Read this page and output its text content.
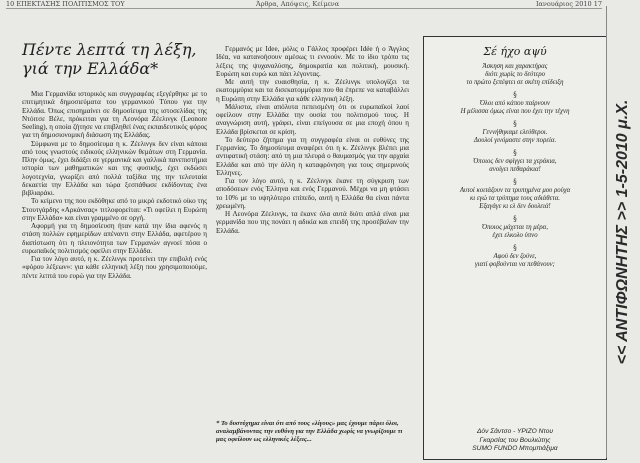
10 ΕΠΕΚΤΑΣΗΣ ΠΟΛΙΤΙΣΜΟΣ ΤΟΥ	Άρθρα, Απόψεις, Κείμενα	Ιανουάριος 2010 17
Πέντε λεπτά τη λέξη,
γιά την Ελλάδα*

Μια Γερμανίδα ιστορικός και συγγραφέας εξεγέρθηκε με το επιτιμητικά δημοσιεύματα του γερμανικού Τύπου για την Ελλάδα. Όπως επισημαίνει σε δημοσίευμα της ιστοσελίδας της Ντόιτσε Βέλε, πρόκειται για τη Λεονόρα Ζέελινγκ (Leonore Seeling), η οποία ζήτησε να επιβληθεί ένας εκπαιδευτικός φόρος για τη δημοσιονομική διάσωση της Ελλάδας.

Σύμφωνα με το δημοσίευμα η κ. Ζέελινγκ δεν είναι κάποια από τους γνωστούς ειδικούς ελληνικών θεμάτων στη Γερμανία. Πλην όμως, έχει διδάξει σε γερμανικά και γαλλικά πανεπιστήμια ιστορία των μαθηματικών και της φυσικής, έχει εκδώσει λογοτεχνία, γνωρίζει από πολλά ταξίδια της την τελευταία δεκαετία την Ελλάδα και τώρα ξεσπάθωσε εκδίδοντας ένα βιβλιαράκι.

Το κείμενο της που εκδόθηκε από το μικρό εκδοτικό οίκο της Στουτγάρδης «Αρκάνσας» τιτλοφορείται: «Τι οφείλει η Ευρώπη στην Ελλάδα» και είναι γραμμένο σε οργή.

Αφορμή για τη δημοσίευση ήταν κατά την ίδια αφενός η στάση πολλών εφημερίδων απέναντι στην Ελλάδα, αφετέρου η διαπίστωση ότι η πλειονότητα των Γερμανών αγνοεί πόσα ο ευρωπαϊκός πολιτισμός οφείλει στην Ελλάδα.

Για τον λόγο αυτό, η κ. Ζέελινγκ προτείνει την επιβολή ενός «φόρου λέξεων»: για κάθε ελληνική λέξη που χρησιμοποιούμε, πέντε λεπτά του ευρώ για την Ελλάδα.

Γερμανός με Ιdee, μόλις ο Γάλλος προφέρει Ιdée ή ο Άγγλος Ιδέα, να κατανοήσουν αμέσως τι εννοούν. Με το ίδιο τρόπο τις λέξεις της ψυχαναλύσης, δημοκρατία και πολιτική, μουσική. Ευρώπη και ευρώ και πάει λέγοντας.

Με αυτή την ευαισθησία, η κ. Ζέελινγκ υπολογίζει τα εκατομμύρια και τα δισεκατομμύρια που θα έπρεπε να καταβάλλει η Ευρώπη στην Ελλάδα για κάθε ελληνική λέξη.

Μάλιστα, είναι απόλυτα πεπεισμένη ότι οι ευρωπαϊκοί λαοί οφείλουν στην Ελλάδα την ουσία του πολιτισμού τους. Η αναγνώριση αυτή, γράφει, είναι επείγουσα σε μια εποχή όπου η Ελλάδα βρίσκεται σε κρίση.

Το δεύτερο ζήτημα για τη συγγραφέα είναι οι ευθύνες της Γερμανίας. Το δημοσίευμα αναφέρει ότι η κ. Ζέελινγκ βλέπει μια αντιφατική στάση: από τη μια πλευρά ο θαυμασμός για την αρχαία Ελλάδα και από την άλλη η καταφρόνηση για τους σημερινούς Έλληνες.

Για τον λόγο αυτό, η κ. Ζέελινγκ έκανε τη σύγκριση των αποδόσεων ενός Έλληνα και ενός Γερμανού. Μέχρι να μη φτάσει το 10% με το υψηλότερο επίπεδο, αυτή η Ελλάδα θα είναι πάντα χρεωμένη.

Η Λεονόρα Ζέελινγκ, τα έκανε όλα αυτά διότι απλά είναι μια γερμανίδα που της πονάει η αδικία και επειδή της προσέβαλαν την Ελλάδα.

* Το δυστύχημα είναι ότι από τους «λίγους» μας έχουμε πάρει όλοι, αναλαμβάνοντας την ευθύνη για την Ελλάδα χωρίς να γνωρίζουμε τι μας οφείλουν ως ελληνικές λέξεις...
Σέ ήχο αψύ
Άσκηση και χαρακτήρας
διότι χωρίς το δεύτερο
το πρώτο ξεπέφτει σε σκέτη επίδειξη
§
Όλοι από κάπου παίρνουν
Η μέλισσα όμως είναι που έχει την τέχνη
§
Γεννήθηκαμε ελεύθεροι.
Δουλοί γινόμαστε στην πορεία.
§
Όποιος δεν σφίγγει τα χεράκια,
ανοίγει πεθαράκια!
§
Αυτοί κοιτάζουν τα τρυπημένα μου ρούχα
κι εγώ τα τρύπημα τους αδιάθετα.
Εξαγάγε κι ελ δεν δουλειά!
§
Όποιος μάχεται τη μέρα,
έχει ελκολο ύπνο
§
Αφού δεν ζούνε,
γιατί φοβούνται να πεθάνουν;
Δόν Σάντσο - ΥΡΙΖΟ Ντου
Γκαρσίας του Βουλιώτης
SUMO FUNDO Μπομπιάξιμα
<< ΑΝΤΙΦΩΝΗΤΗΣ >> 1-5-2010 μ.Χ.
